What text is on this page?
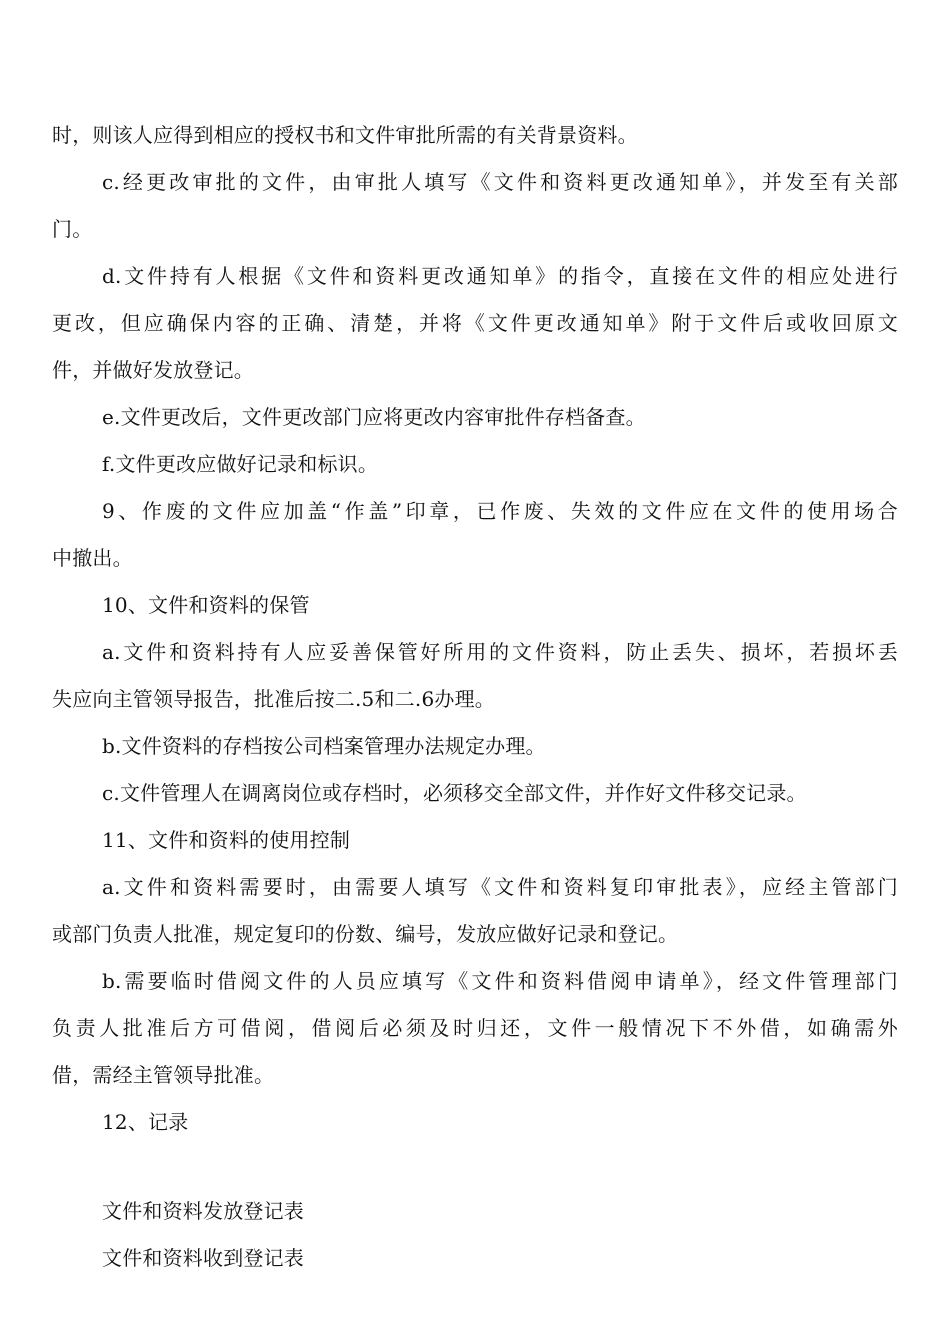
时，则该人应得到相应的授权书和文件审批所需的有关背景资料。
c.经更改审批的文件，由审批人填写《文件和资料更改通知单》，并发至有关部
门。
d.文件持有人根据《文件和资料更改通知单》的指令，直接在文件的相应处进行
更改，但应确保内容的正确、清楚，并将《文件更改通知单》附于文件后或收回原文
件，并做好发放登记。
e.文件更改后，文件更改部门应将更改内容审批件存档备查。
f.文件更改应做好记录和标识。
9、作废的文件应加盖“作盖”印章，已作废、失效的文件应在文件的使用场合
中撤出。
10、文件和资料的保管
a.文件和资料持有人应妥善保管好所用的文件资料，防止丢失、损坏，若损坏丢
失应向主管领导报告，批准后按二.5和二.6办理。
b.文件资料的存档按公司档案管理办法规定办理。
c.文件管理人在调离岗位或存档时，必须移交全部文件，并作好文件移交记录。
11、文件和资料的使用控制
a.文件和资料需要时，由需要人填写《文件和资料复印审批表》，应经主管部门
或部门负责人批准，规定复印的份数、编号，发放应做好记录和登记。
b.需要临时借阅文件的人员应填写《文件和资料借阅申请单》，经文件管理部门
负责人批准后方可借阅，借阅后必须及时归还，文件一般情况下不外借，如确需外
借，需经主管领导批准。
12、记录
文件和资料发放登记表
文件和资料收到登记表
